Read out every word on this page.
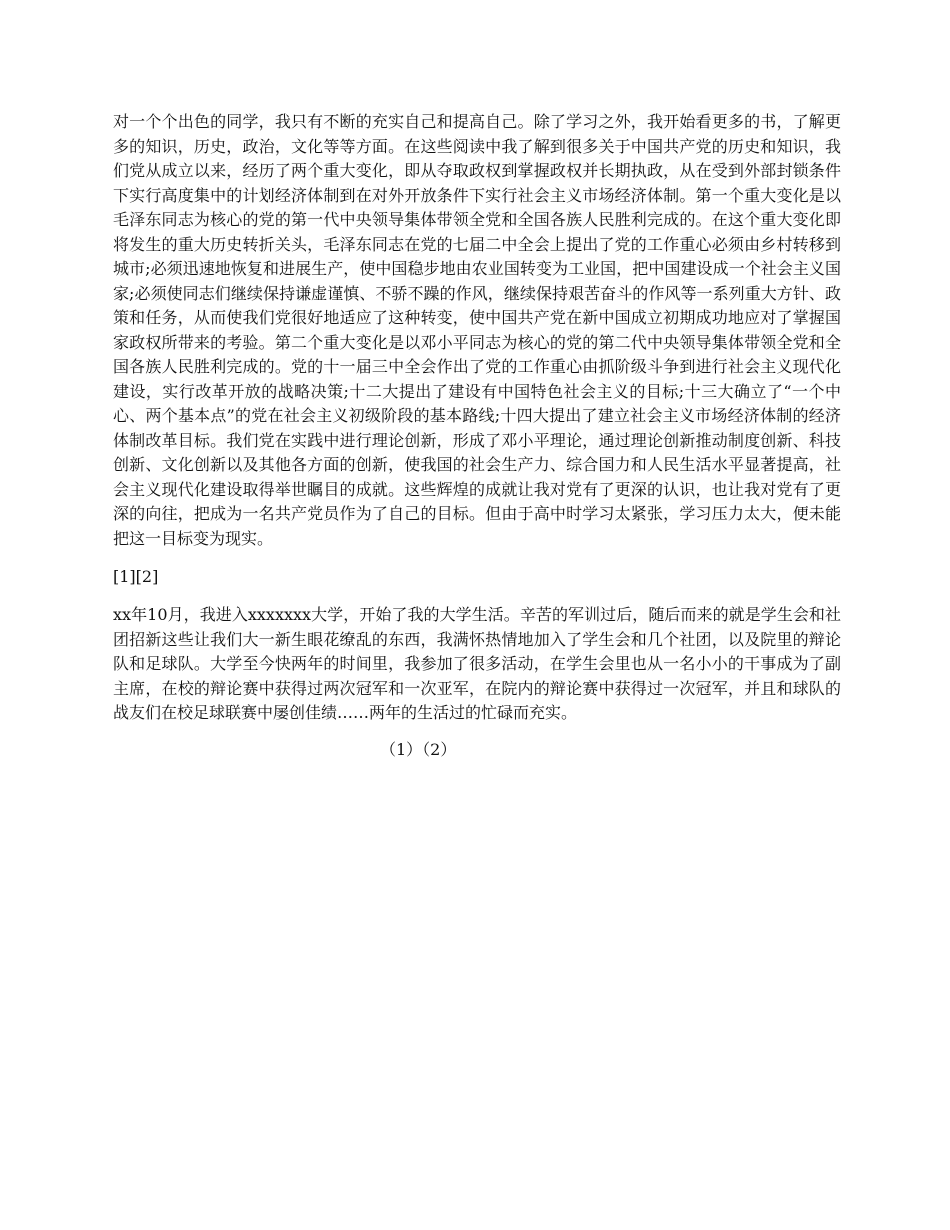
对一个个出色的同学，我只有不断的充实自己和提高自己。除了学习之外，我开始看更多的书，了解更多的知识，历史，政治，文化等等方面。在这些阅读中我了解到很多关于中国共产党的历史和知识，我们党从成立以来，经历了两个重大变化，即从夺取政权到掌握政权并长期执政，从在受到外部封锁条件下实行高度集中的计划经济体制到在对外开放条件下实行社会主义市场经济体制。第一个重大变化是以毛泽东同志为核心的党的第一代中央领导集体带领全党和全国各族人民胜利完成的。在这个重大变化即将发生的重大历史转折关头，毛泽东同志在党的七届二中全会上提出了党的工作重心必须由乡村转移到城市;必须迅速地恢复和进展生产，使中国稳步地由农业国转变为工业国，把中国建设成一个社会主义国家;必须使同志们继续保持谦虚谨慎、不骄不躁的作风，继续保持艰苦奋斗的作风等一系列重大方针、政策和任务，从而使我们党很好地适应了这种转变，使中国共产党在新中国成立初期成功地应对了掌握国家政权所带来的考验。第二个重大变化是以邓小平同志为核心的党的第二代中央领导集体带领全党和全国各族人民胜利完成的。党的十一届三中全会作出了党的工作重心由抓阶级斗争到进行社会主义现代化建设，实行改革开放的战略决策;十二大提出了建设有中国特色社会主义的目标;十三大确立了“一个中心、两个基本点”的党在社会主义初级阶段的基本路线;十四大提出了建立社会主义市场经济体制的经济体制改革目标。我们党在实践中进行理论创新，形成了邓小平理论，通过理论创新推动制度创新、科技创新、文化创新以及其他各方面的创新，使我国的社会生产力、综合国力和人民生活水平显著提高，社会主义现代化建设取得举世瞩目的成就。这些辉煌的成就让我对党有了更深的认识，也让我对党有了更深的向往，把成为一名共产党员作为了自己的目标。但由于高中时学习太紧张，学习压力太大，便未能把这一目标变为现实。

[1][2]

xx年10月，我进入xxxxxxx大学，开始了我的大学生活。辛苦的军训过后，随后而来的就是学生会和社团招新这些让我们大一新生眼花缭乱的东西，我满怀热情地加入了学生会和几个社团，以及院里的辩论队和足球队。大学至今快两年的时间里，我参加了很多活动，在学生会里也从一名小小的干事成为了副主席，在校的辩论赛中获得过两次冠军和一次亚军，在院内的辩论赛中获得过一次冠军，并且和球队的战友们在校足球联赛中屡创佳绩……两年的生活过的忙碌而充实。

（1）（2）
